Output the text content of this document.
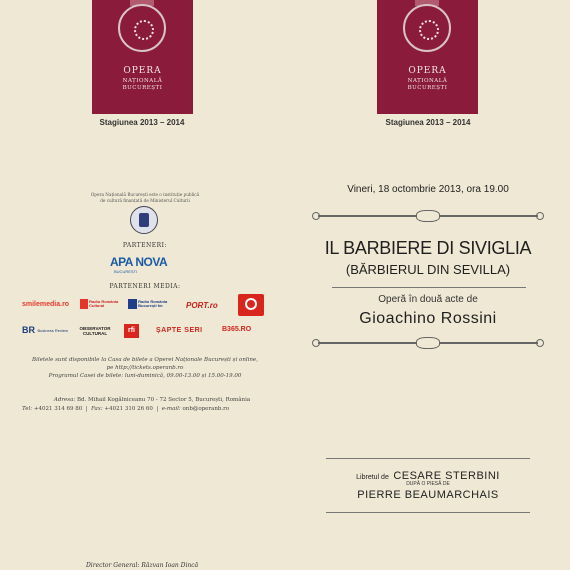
OPERA
NAȚIONALĂ
BUCUREȘTI
Stagiunea 2013 – 2014
OPERA
NAȚIONALĂ
BUCUREȘTI
Stagiunea 2013 – 2014
Opera Națională București este o instituție publică
de cultură finanțată de Ministerul Culturii
PARTENERI:
APA NOVA
BUCUREȘTI
PARTENERI MEDIA:
smilemedia.ro	Radio România Cultural
Radio România București fm	PORT.ro
BR Business Review	OBSERVATOR CULTURAL	rfi	ȘAPTE SERI	B365.RO
Biletele sunt disponibile la Casa de bilete a Operei Naționale București și online,
pe http://tickets.operanb.ro
Programul Casei de bilete: luni-duminică, 09.00-13.00 și 15.00-19.00
Adresa: Bd. Mihail Kogălniceanu 70 - 72 Sector 5, București, România
Tel: +4021 314 69 80  |  Fax: +4021 310 26 60  |  e-mail: onb@operanb.ro
Director General: Răzvan Ioan Dincă
Vineri, 18 octombrie 2013, ora 19.00
IL BARBIERE DI SIVIGLIA
(BĂRBIERUL DIN SEVILLA)
Operă în două acte de
Gioachino Rossini
Libretul de CESARE STERBINI
DUPĂ O PIESĂ DE
PIERRE BEAUMARCHAIS
